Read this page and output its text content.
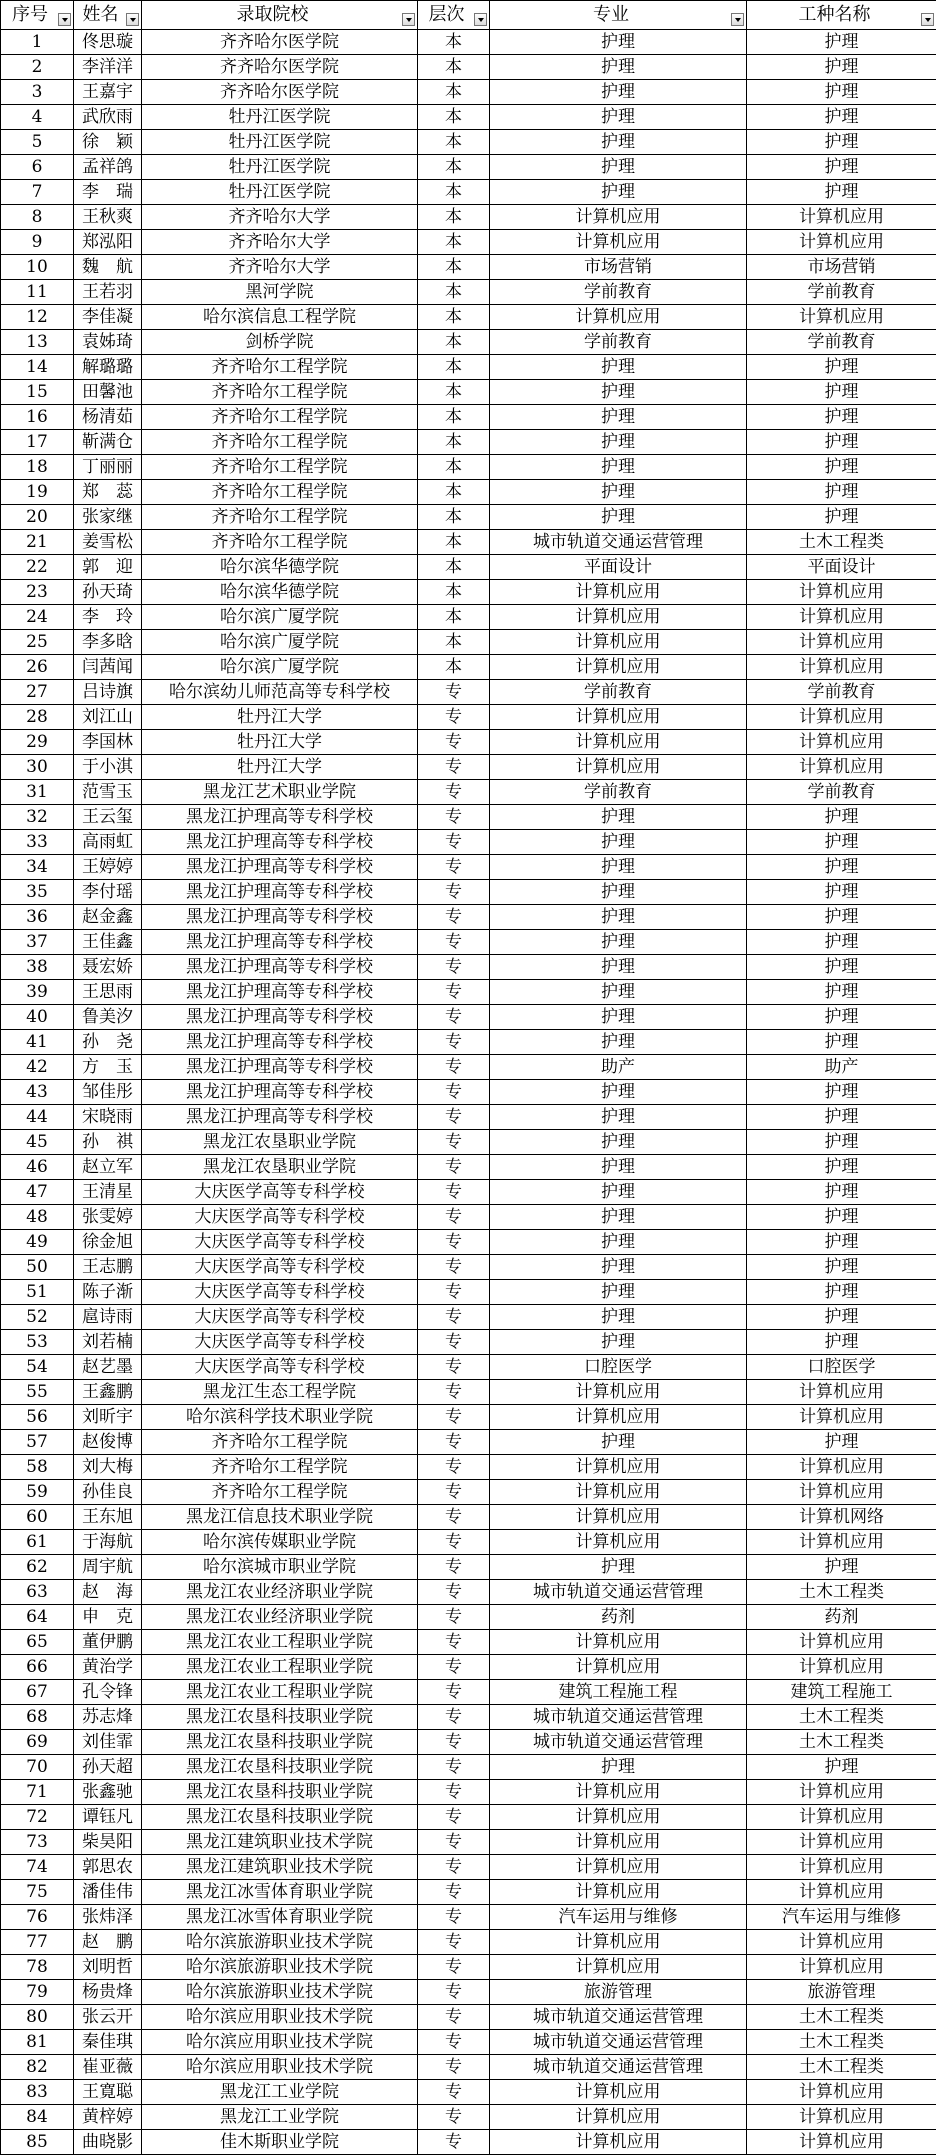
序号	姓名	录取院校	层次	专业	工种名称

1	佟思璇	齐齐哈尔医学院	本	护理	护理
2	李洋洋	齐齐哈尔医学院	本	护理	护理
3	王嘉宇	齐齐哈尔医学院	本	护理	护理
4	武欣雨	牡丹江医学院	本	护理	护理
5	徐　颖	牡丹江医学院	本	护理	护理
6	孟祥鸽	牡丹江医学院	本	护理	护理
7	李　瑞	牡丹江医学院	本	护理	护理
8	王秋爽	齐齐哈尔大学	本	计算机应用	计算机应用
9	郑泓阳	齐齐哈尔大学	本	计算机应用	计算机应用
10	魏　航	齐齐哈尔大学	本	市场营销	市场营销
11	王若羽	黑河学院	本	学前教育	学前教育
12	李佳凝	哈尔滨信息工程学院	本	计算机应用	计算机应用
13	袁姊琦	剑桥学院	本	学前教育	学前教育
14	解璐璐	齐齐哈尔工程学院	本	护理	护理
15	田馨池	齐齐哈尔工程学院	本	护理	护理
16	杨清茹	齐齐哈尔工程学院	本	护理	护理
17	靳满仓	齐齐哈尔工程学院	本	护理	护理
18	丁丽丽	齐齐哈尔工程学院	本	护理	护理
19	郑　蕊	齐齐哈尔工程学院	本	护理	护理
20	张家继	齐齐哈尔工程学院	本	护理	护理
21	姜雪松	齐齐哈尔工程学院	本	城市轨道交通运营管理	土木工程类
22	郭　迎	哈尔滨华德学院	本	平面设计	平面设计
23	孙天琦	哈尔滨华德学院	本	计算机应用	计算机应用
24	李　玲	哈尔滨广厦学院	本	计算机应用	计算机应用
25	李多晗	哈尔滨广厦学院	本	计算机应用	计算机应用
26	闫茜闻	哈尔滨广厦学院	本	计算机应用	计算机应用
27	吕诗旗	哈尔滨幼儿师范高等专科学校	专	学前教育	学前教育
28	刘江山	牡丹江大学	专	计算机应用	计算机应用
29	李国林	牡丹江大学	专	计算机应用	计算机应用
30	于小淇	牡丹江大学	专	计算机应用	计算机应用
31	范雪玉	黑龙江艺术职业学院	专	学前教育	学前教育
32	王云玺	黑龙江护理高等专科学校	专	护理	护理
33	高雨虹	黑龙江护理高等专科学校	专	护理	护理
34	王婷婷	黑龙江护理高等专科学校	专	护理	护理
35	李付瑶	黑龙江护理高等专科学校	专	护理	护理
36	赵金鑫	黑龙江护理高等专科学校	专	护理	护理
37	王佳鑫	黑龙江护理高等专科学校	专	护理	护理
38	聂宏娇	黑龙江护理高等专科学校	专	护理	护理
39	王思雨	黑龙江护理高等专科学校	专	护理	护理
40	鲁美汐	黑龙江护理高等专科学校	专	护理	护理
41	孙　尧	黑龙江护理高等专科学校	专	护理	护理
42	方　玉	黑龙江护理高等专科学校	专	助产	助产
43	邹佳彤	黑龙江护理高等专科学校	专	护理	护理
44	宋晓雨	黑龙江护理高等专科学校	专	护理	护理
45	孙　祺	黑龙江农垦职业学院	专	护理	护理
46	赵立军	黑龙江农垦职业学院	专	护理	护理
47	王清星	大庆医学高等专科学校	专	护理	护理
48	张雯婷	大庆医学高等专科学校	专	护理	护理
49	徐金旭	大庆医学高等专科学校	专	护理	护理
50	王志鹏	大庆医学高等专科学校	专	护理	护理
51	陈子渐	大庆医学高等专科学校	专	护理	护理
52	扈诗雨	大庆医学高等专科学校	专	护理	护理
53	刘若楠	大庆医学高等专科学校	专	护理	护理
54	赵艺墨	大庆医学高等专科学校	专	口腔医学	口腔医学
55	王鑫鹏	黑龙江生态工程学院	专	计算机应用	计算机应用
56	刘昕宇	哈尔滨科学技术职业学院	专	计算机应用	计算机应用
57	赵俊博	齐齐哈尔工程学院	专	护理	护理
58	刘大梅	齐齐哈尔工程学院	专	计算机应用	计算机应用
59	孙佳良	齐齐哈尔工程学院	专	计算机应用	计算机应用
60	王东旭	黑龙江信息技术职业学院	专	计算机应用	计算机网络
61	于海航	哈尔滨传媒职业学院	专	计算机应用	计算机应用
62	周宇航	哈尔滨城市职业学院	专	护理	护理
63	赵　海	黑龙江农业经济职业学院	专	城市轨道交通运营管理	土木工程类
64	申　克	黑龙江农业经济职业学院	专	药剂	药剂
65	董伊鹏	黑龙江农业工程职业学院	专	计算机应用	计算机应用
66	黄治学	黑龙江农业工程职业学院	专	计算机应用	计算机应用
67	孔令锋	黑龙江农业工程职业学院	专	建筑工程施工程	建筑工程施工
68	苏志烽	黑龙江农垦科技职业学院	专	城市轨道交通运营管理	土木工程类
69	刘佳霏	黑龙江农垦科技职业学院	专	城市轨道交通运营管理	土木工程类
70	孙天超	黑龙江农垦科技职业学院	专	护理	护理
71	张鑫驰	黑龙江农垦科技职业学院	专	计算机应用	计算机应用
72	谭钰凡	黑龙江农垦科技职业学院	专	计算机应用	计算机应用
73	柴昊阳	黑龙江建筑职业技术学院	专	计算机应用	计算机应用
74	郭思农	黑龙江建筑职业技术学院	专	计算机应用	计算机应用
75	潘佳伟	黑龙江冰雪体育职业学院	专	计算机应用	计算机应用
76	张炜泽	黑龙江冰雪体育职业学院	专	汽车运用与维修	汽车运用与维修
77	赵　鹏	哈尔滨旅游职业技术学院	专	计算机应用	计算机应用
78	刘明哲	哈尔滨旅游职业技术学院	专	计算机应用	计算机应用
79	杨贵烽	哈尔滨旅游职业技术学院	专	旅游管理	旅游管理
80	张云开	哈尔滨应用职业技术学院	专	城市轨道交通运营管理	土木工程类
81	秦佳琪	哈尔滨应用职业技术学院	专	城市轨道交通运营管理	土木工程类
82	崔亚薇	哈尔滨应用职业技术学院	专	城市轨道交通运营管理	土木工程类
83	王寛聪	黑龙江工业学院	专	计算机应用	计算机应用
84	黄梓婷	黑龙江工业学院	专	计算机应用	计算机应用
85	曲晓影	佳木斯职业学院	专	计算机应用	计算机应用
